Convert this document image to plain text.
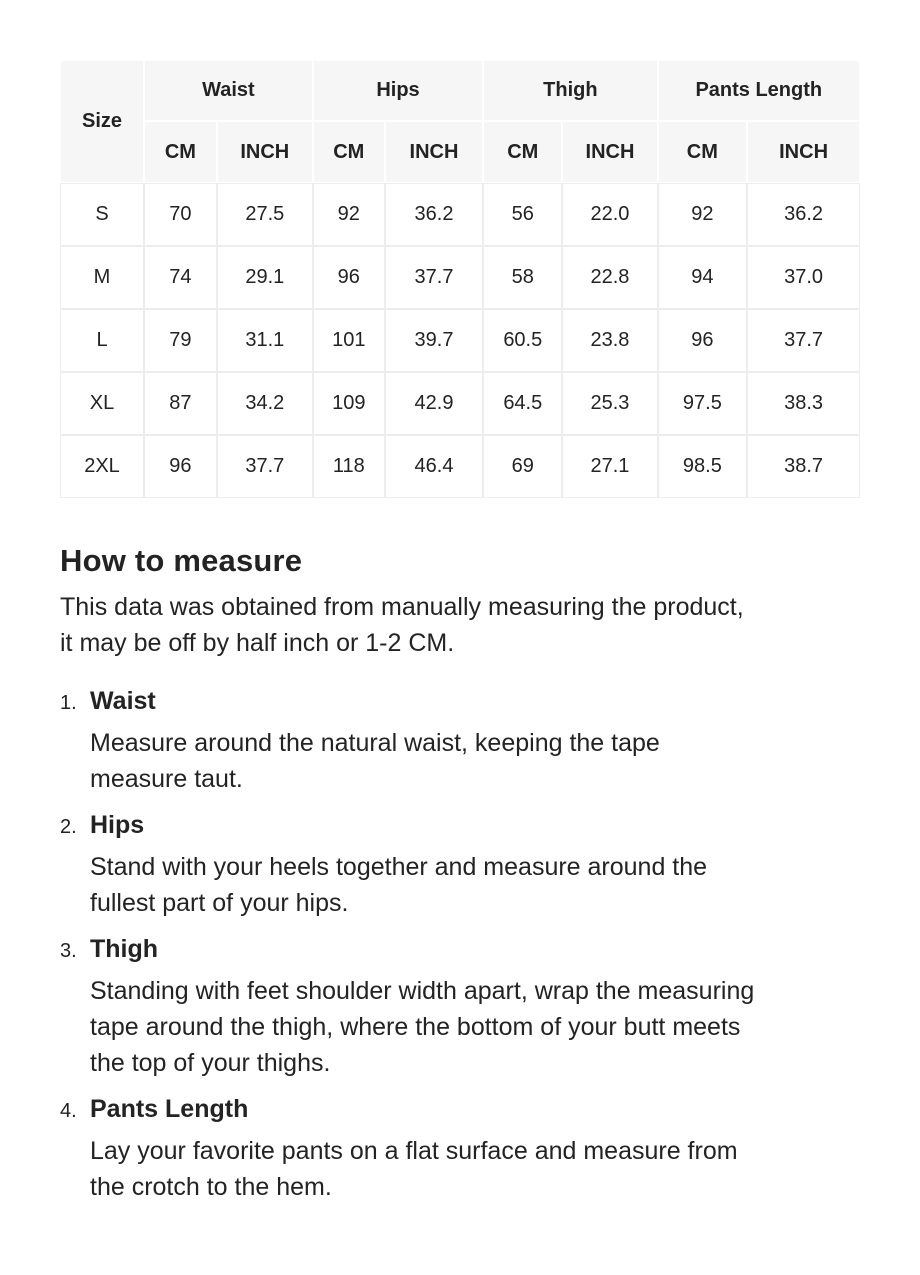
Size	Waist		Hips		Thigh		Pants Length	
	CM	INCH	CM	INCH	CM	INCH	CM	INCH
S	70	27.5	92	36.2	56	22.0	92	36.2
M	74	29.1	96	37.7	58	22.8	94	37.0
L	79	31.1	101	39.7	60.5	23.8	96	37.7
XL	87	34.2	109	42.9	64.5	25.3	97.5	38.3
2XL	96	37.7	118	46.4	69	27.1	98.5	38.7
How to measure

This data was obtained from manually measuring the product,
it may be off by half inch or 1-2 CM.

1. Waist
Measure around the natural waist, keeping the tape
measure taut.
2. Hips
Stand with your heels together and measure around the
fullest part of your hips.
3. Thigh
Standing with feet shoulder width apart, wrap the measuring
tape around the thigh, where the bottom of your butt meets
the top of your thighs.
4. Pants Length
Lay your favorite pants on a flat surface and measure from
the crotch to the hem.
